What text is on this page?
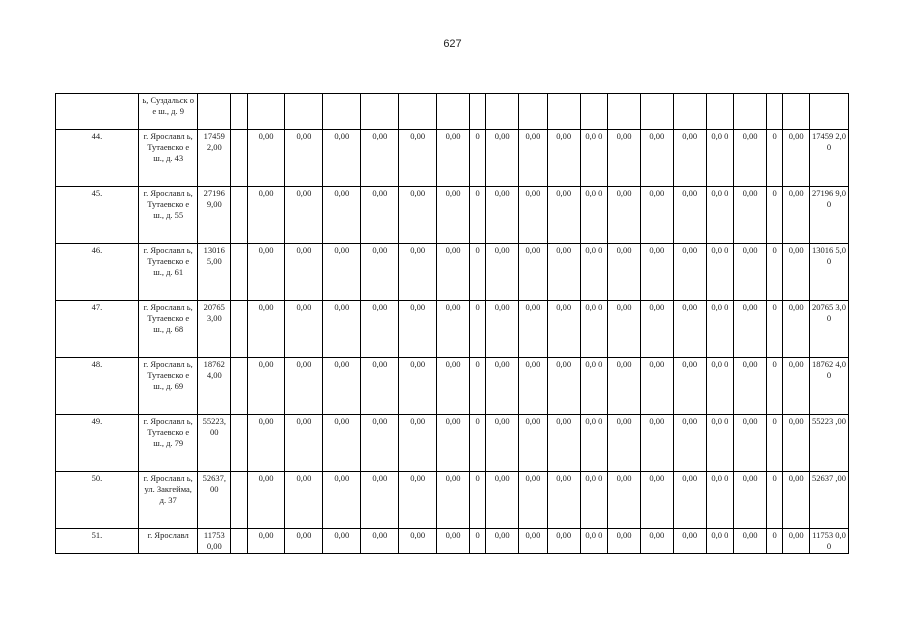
627
	ь, Суздальск ое ш., д. 9																					
44.	г. Ярославл ь, Тутаевско е ш., д. 43	17459 2,00		0,00	0,00	0,00	0,00	0,00	0,00	0	0,00	0,00	0,00	0,0 0	0,00	0,00	0,00	0,0 0	0,00	0	0,00	17459 2,00
45.	г. Ярославл ь, Тутаевско е ш., д. 55	27196 9,00		0,00	0,00	0,00	0,00	0,00	0,00	0	0,00	0,00	0,00	0,0 0	0,00	0,00	0,00	0,0 0	0,00	0	0,00	27196 9,00
46.	г. Ярославл ь, Тутаевско е ш., д. 61	13016 5,00		0,00	0,00	0,00	0,00	0,00	0,00	0	0,00	0,00	0,00	0,0 0	0,00	0,00	0,00	0,0 0	0,00	0	0,00	13016 5,00
47.	г. Ярославл ь, Тутаевско е ш., д. 68	20765 3,00		0,00	0,00	0,00	0,00	0,00	0,00	0	0,00	0,00	0,00	0,0 0	0,00	0,00	0,00	0,0 0	0,00	0	0,00	20765 3,00
48.	г. Ярославл ь, Тутаевско е ш., д. 69	18762 4,00		0,00	0,00	0,00	0,00	0,00	0,00	0	0,00	0,00	0,00	0,0 0	0,00	0,00	0,00	0,0 0	0,00	0	0,00	18762 4,00
49.	г. Ярославл ь, Тутаевско е ш., д. 79	55223, 00		0,00	0,00	0,00	0,00	0,00	0,00	0	0,00	0,00	0,00	0,0 0	0,00	0,00	0,00	0,0 0	0,00	0	0,00	55223 ,00
50.	г. Ярославл ь, ул. Закгейма, д. 37	52637, 00		0,00	0,00	0,00	0,00	0,00	0,00	0	0,00	0,00	0,00	0,0 0	0,00	0,00	0,00	0,0 0	0,00	0	0,00	52637 ,00
51.	г. Ярославл	11753 0,00		0,00	0,00	0,00	0,00	0,00	0,00	0	0,00	0,00	0,00	0,0 0	0,00	0,00	0,00	0,0 0	0,00	0	0,00	11753 0,00
